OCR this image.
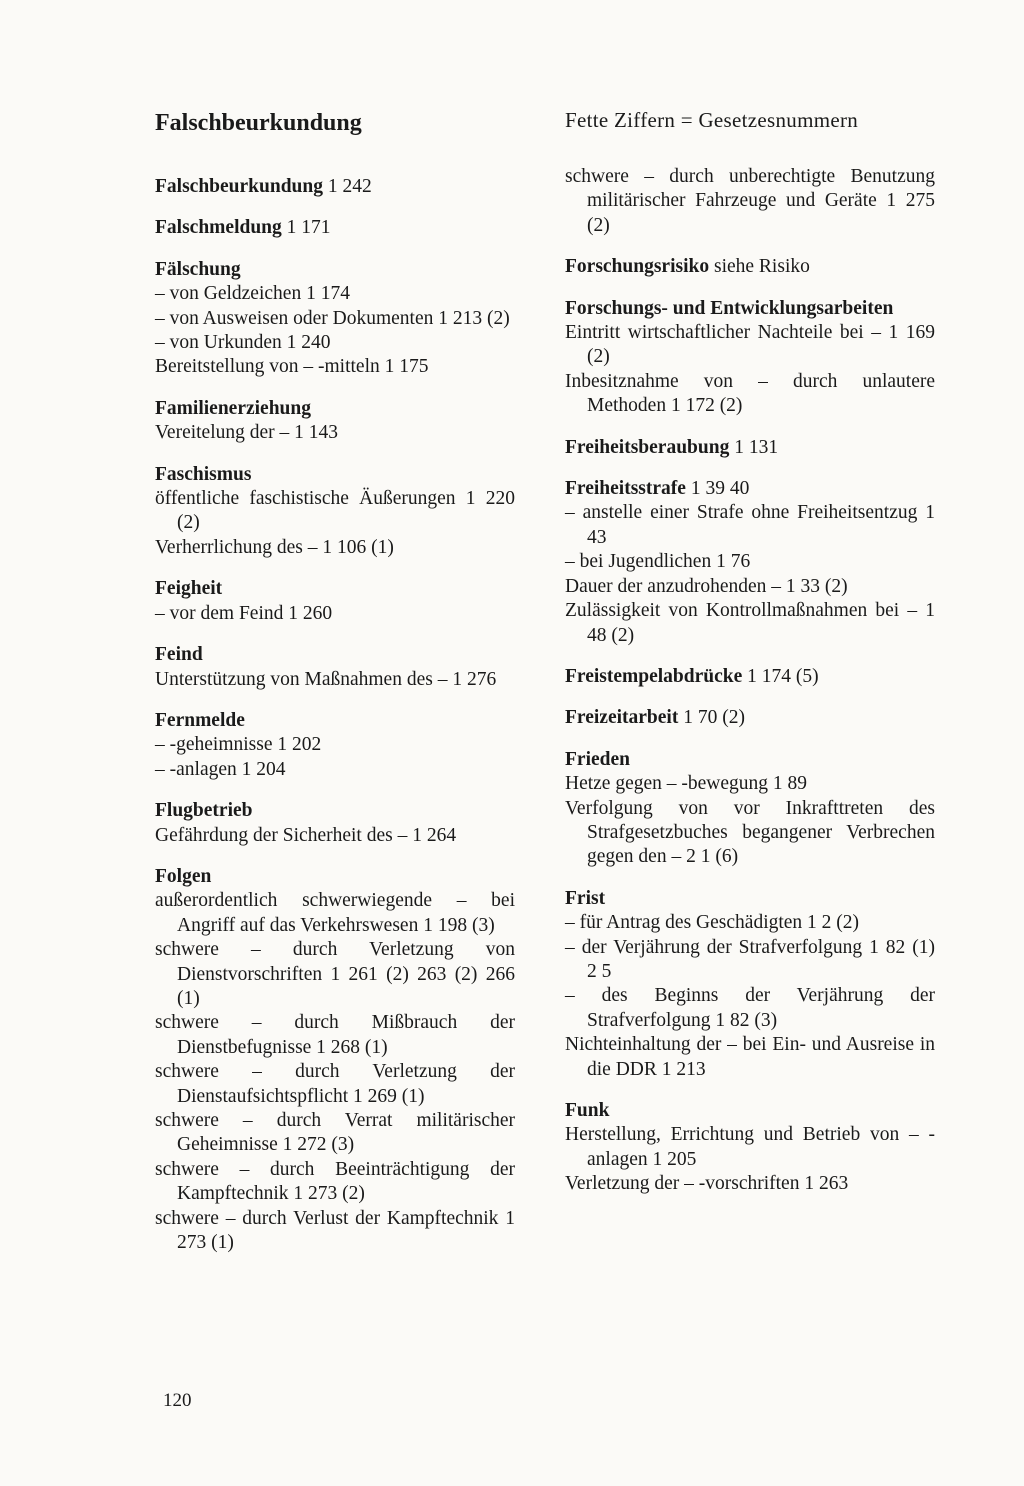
Falschbeurkundung
Falschbeurkundung 1 242
Falschmeldung 1 171
Fälschung
– von Geldzeichen 1 174
– von Ausweisen oder Dokumenten 1 213 (2)
– von Urkunden 1 240
Bereitstellung von – -mitteln 1 175
Familienerziehung
Vereitelung der – 1 143
Faschismus
öffentliche faschistische Äußerungen 1 220 (2)
Verherrlichung des – 1 106 (1)
Feigheit
– vor dem Feind 1 260
Feind
Unterstützung von Maßnahmen des – 1 276
Fernmelde
– -geheimnisse 1 202
– -anlagen 1 204
Flugbetrieb
Gefährdung der Sicherheit des – 1 264
Folgen
außerordentlich schwerwiegende – bei Angriff auf das Verkehrswesen 1 198 (3)
schwere – durch Verletzung von Dienstvorschriften 1 261 (2) 263 (2) 266 (1)
schwere – durch Mißbrauch der Dienstbefugnisse 1 268 (1)
schwere – durch Verletzung der Dienstaufsichtspflicht 1 269 (1)
schwere – durch Verrat militärischer Geheimnisse 1 272 (3)
schwere – durch Beeinträchtigung der Kampftechnik 1 273 (2)
schwere – durch Verlust der Kampftechnik 1 273 (1)
Fette Ziffern = Gesetzesnummern
schwere – durch unberechtigte Benutzung militärischer Fahrzeuge und Geräte 1 275 (2)
Forschungsrisiko siehe Risiko
Forschungs- und Entwicklungsarbeiten
Eintritt wirtschaftlicher Nachteile bei – 1 169 (2)
Inbesitznahme von – durch unlautere Methoden 1 172 (2)
Freiheitsberaubung 1 131
Freiheitsstrafe 1 39 40
– anstelle einer Strafe ohne Freiheitsentzug 1 43
– bei Jugendlichen 1 76
Dauer der anzudrohenden – 1 33 (2)
Zulässigkeit von Kontrollmaßnahmen bei – 1 48 (2)
Freistempelabdrücke 1 174 (5)
Freizeitarbeit 1 70 (2)
Frieden
Hetze gegen – -bewegung 1 89
Verfolgung von vor Inkrafttreten des Strafgesetzbuches begangener Verbrechen gegen den – 2 1 (6)
Frist
– für Antrag des Geschädigten 1 2 (2)
– der Verjährung der Strafverfolgung 1 82 (1) 2 5
– des Beginns der Verjährung der Strafverfolgung 1 82 (3)
Nichteinhaltung der – bei Ein- und Ausreise in die DDR 1 213
Funk
Herstellung, Errichtung und Betrieb von – -anlagen 1 205
Verletzung der – -vorschriften 1 263
120
